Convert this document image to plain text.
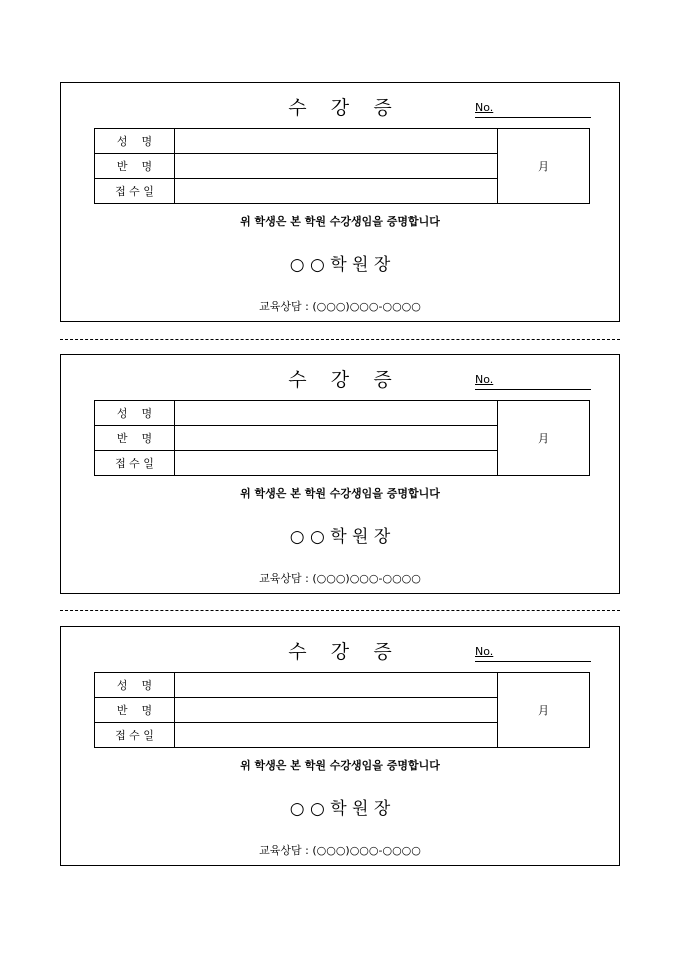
수    강    증	No.
성    명		月
반    명		
접 수 일		
위 학생은 본 학원 수강생임을 증명합니다
○ ○ 학 원 장
교육상담 : (○○○)○○○-○○○○
수    강    증	No.
성    명		月
반    명		
접 수 일		
위 학생은 본 학원 수강생임을 증명합니다
○ ○ 학 원 장
교육상담 : (○○○)○○○-○○○○
수    강    증	No.
성    명		月
반    명		
접 수 일		
위 학생은 본 학원 수강생임을 증명합니다
○ ○ 학 원 장
교육상담 : (○○○)○○○-○○○○
